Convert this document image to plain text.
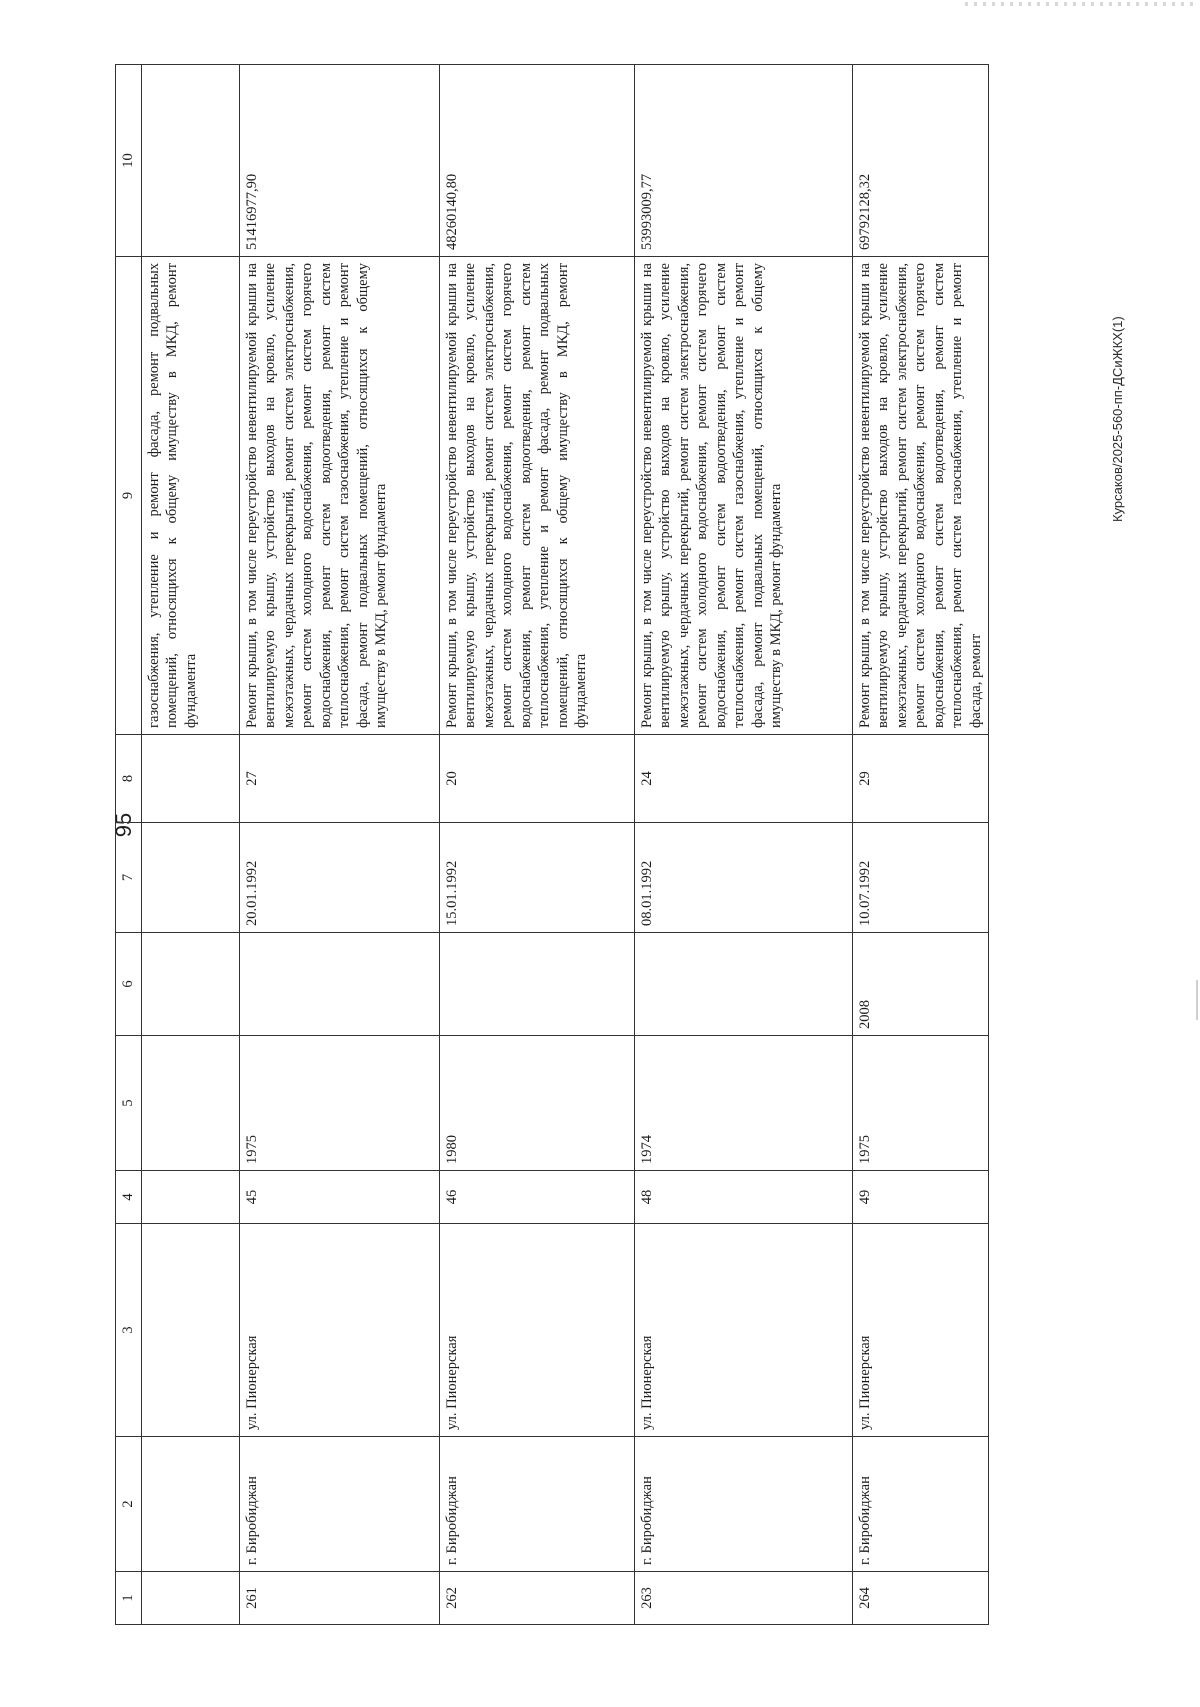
95
Курсаков/2025-560-пп-ДСиЖКХ(1)
1	2	3	4	5	6	7	8	9	10
								газоснабжения, утепление и ремонт фасада, ремонт подвальных помещений, относящихся к общему имуществу в МКД, ремонт фундамента	
261	г. Биробиджан	ул. Пионерская	45	1975		20.01.1992	27	Ремонт крыши, в том числе переустройство невентилируемой крыши на вентилируемую крышу, устройство выходов на кровлю, усиление межэтажных, чердачных перекрытий, ремонт систем электроснабжения, ремонт систем холодного водоснабжения, ремонт систем горячего водоснабжения, ремонт систем водоотведения, ремонт систем теплоснабжения, ремонт систем газоснабжения, утепление и ремонт фасада, ремонт подвальных помещений, относящихся к общему имуществу в МКД, ремонт фундамента	51416977,90
262	г. Биробиджан	ул. Пионерская	46	1980		15.01.1992	20	Ремонт крыши, в том числе переустройство невентилируемой крыши на вентилируемую крышу, устройство выходов на кровлю, усиление межэтажных, чердачных перекрытий, ремонт систем электроснабжения, ремонт систем холодного водоснабжения, ремонт систем горячего водоснабжения, ремонт систем водоотведения, ремонт систем теплоснабжения, утепление и ремонт фасада, ремонт подвальных помещений, относящихся к общему имуществу в МКД, ремонт фундамента	48260140,80
263	г. Биробиджан	ул. Пионерская	48	1974		08.01.1992	24	Ремонт крыши, в том числе переустройство невентилируемой крыши на вентилируемую крышу, устройство выходов на кровлю, усиление межэтажных, чердачных перекрытий, ремонт систем электроснабжения, ремонт систем холодного водоснабжения, ремонт систем горячего водоснабжения, ремонт систем водоотведения, ремонт систем теплоснабжения, ремонт систем газоснабжения, утепление и ремонт фасада, ремонт подвальных помещений, относящихся к общему имуществу в МКД, ремонт фундамента	53993009,77
264	г. Биробиджан	ул. Пионерская	49	1975	2008	10.07.1992	29	Ремонт крыши, в том числе переустройство невентилируемой крыши на вентилируемую крышу, устройство выходов на кровлю, усиление межэтажных, чердачных перекрытий, ремонт систем электроснабжения, ремонт систем холодного водоснабжения, ремонт систем горячего водоснабжения, ремонт систем водоотведения, ремонт систем теплоснабжения, ремонт систем газоснабжения, утепление и ремонт фасада, ремонт	69792128,32
